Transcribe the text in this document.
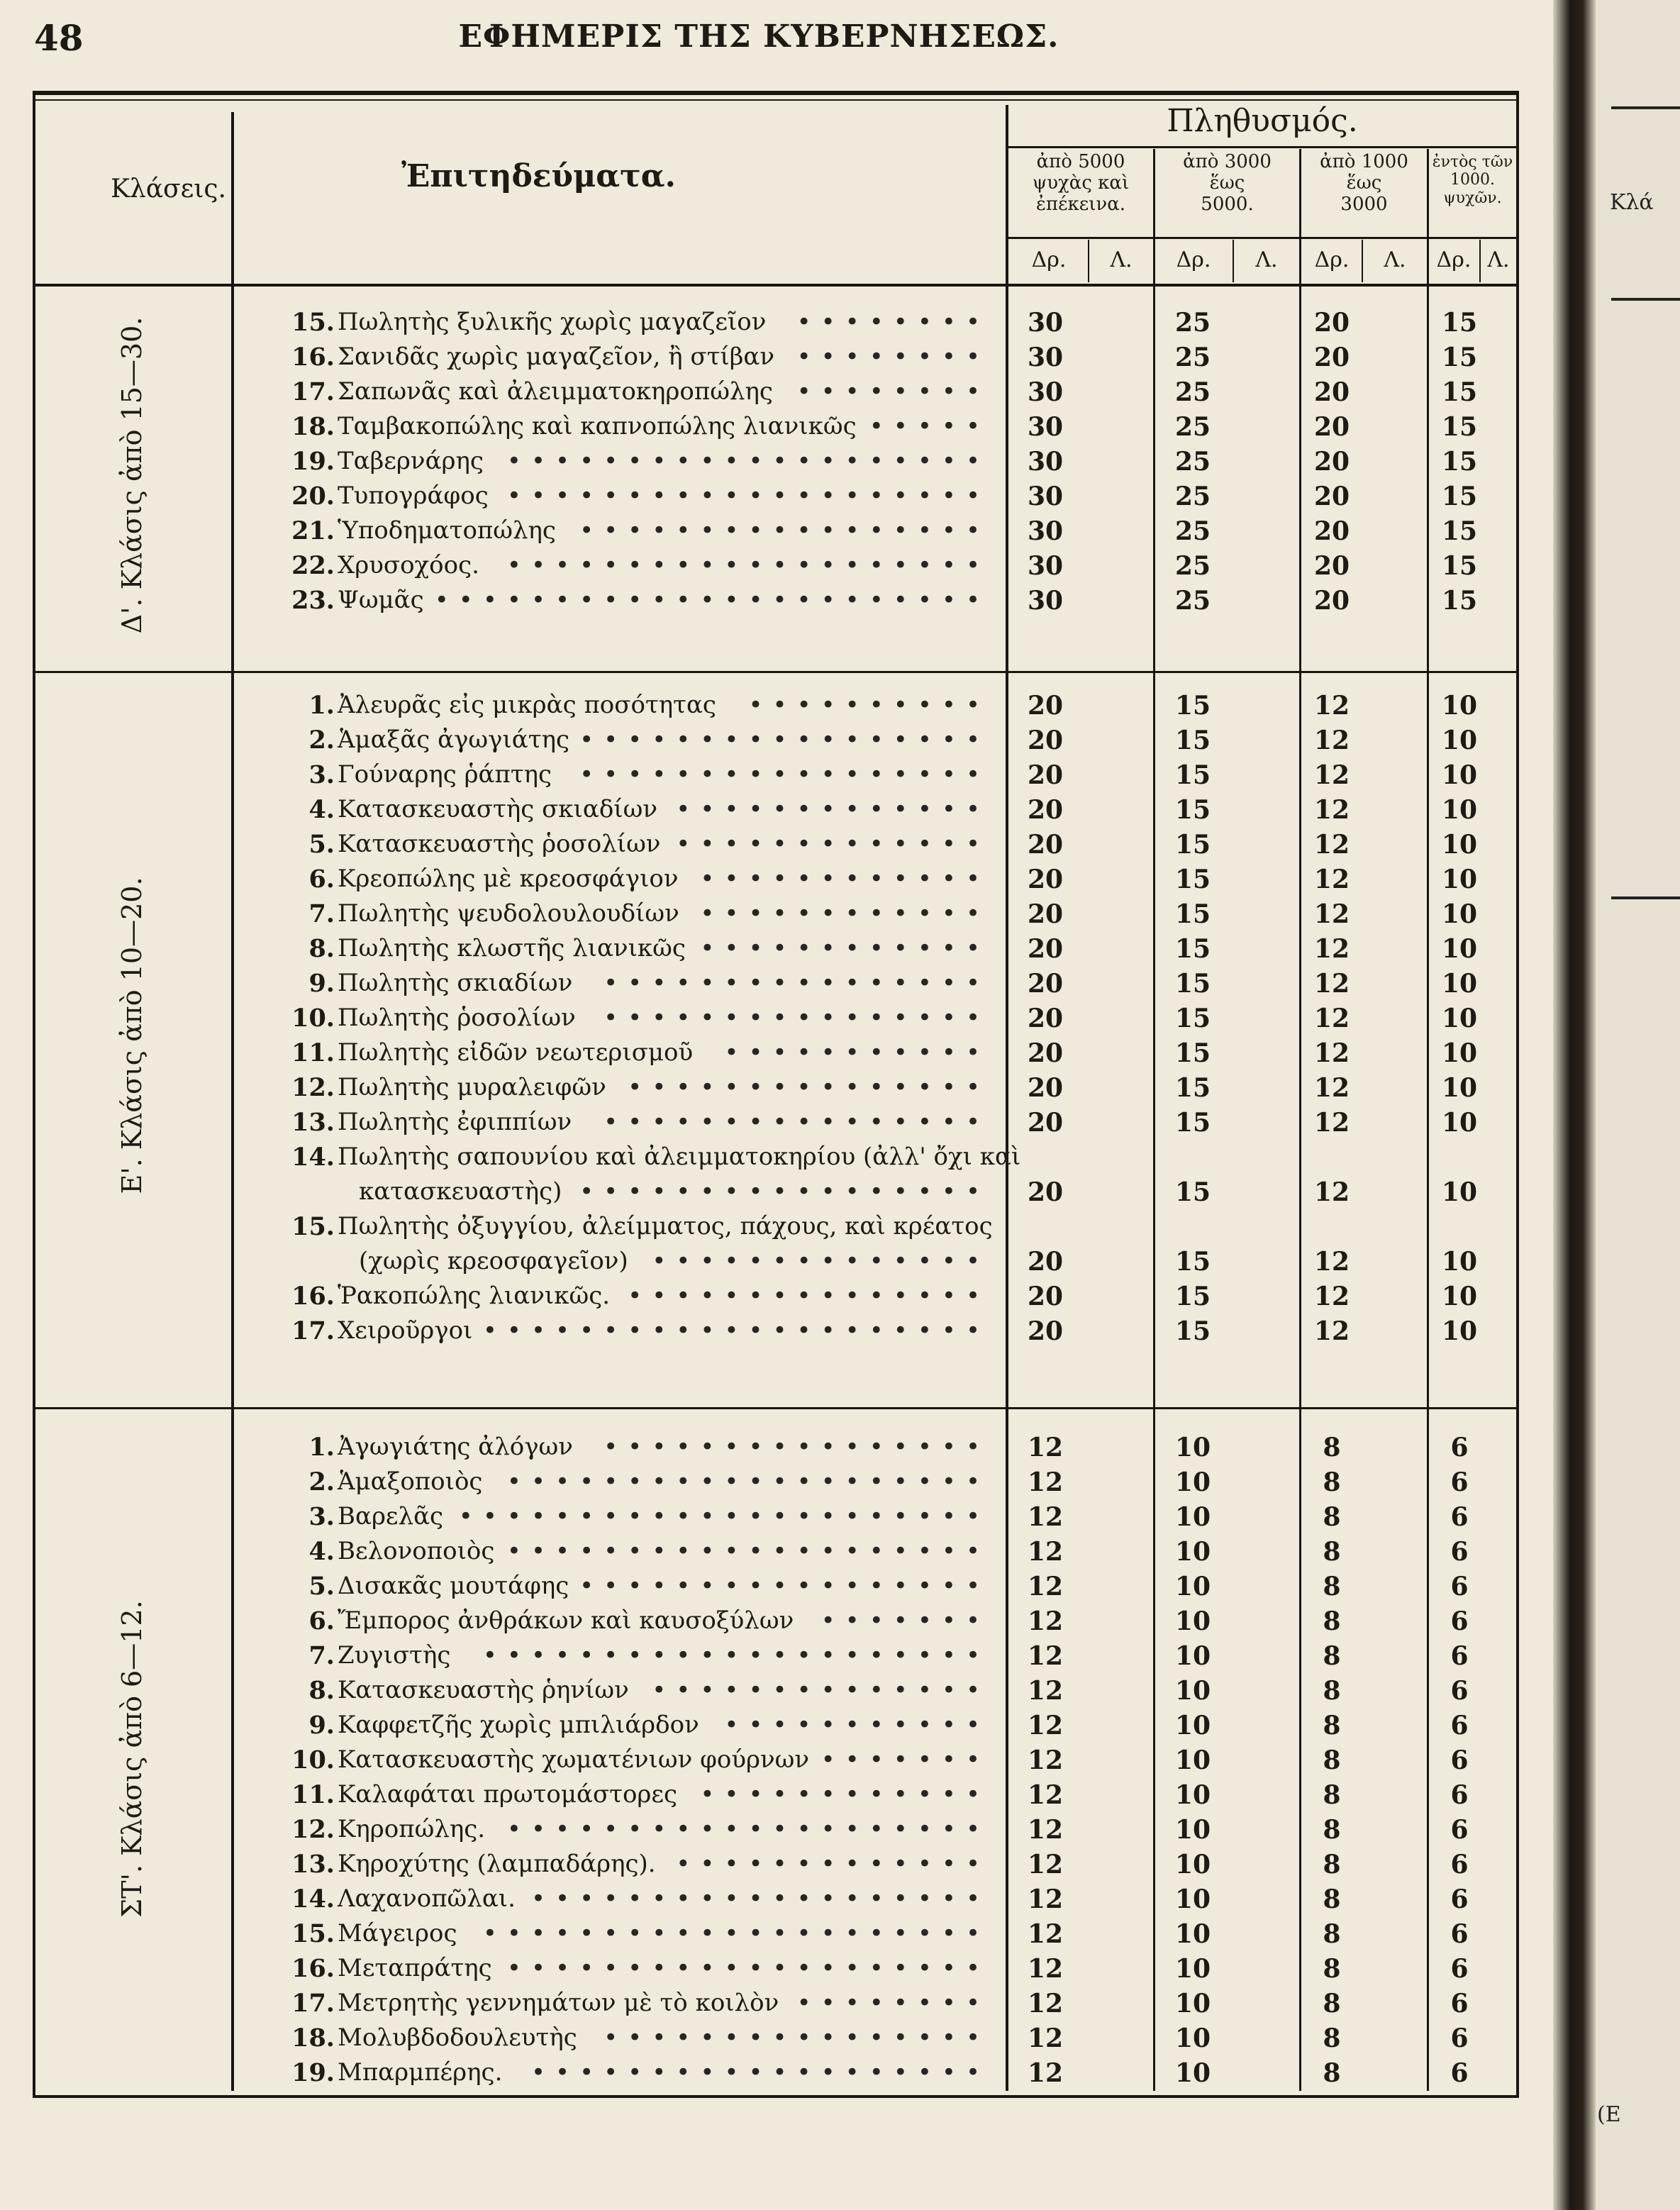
48	ΕΦΗΜΕΡΙΣ ΤΗΣ ΚΥΒΕΡΝΗΣΕΩΣ.
Κλάσεις.	Ἐπιτηδεύματα.
Πληθυσμός.
ἀπὸ 5000
ψυχὰς καὶ
ἐπέκεινα.
ἀπὸ 3000
ἕως
5000.
ἀπὸ 1000
ἕως
3000
ἐντὸς τῶν
1000.
ψυχῶν.
Δρ.	Λ.	Δρ.	Λ.	Δρ.	Λ.	Δρ. Λ.
Δ'. Κλάσις ἀπὸ 15—30.
Ε'. Κλάσις ἀπὸ 10—20.
ΣΤ'. Κλάσις ἀπὸ 6—12.
15. Πωλητὴς ξυλικῆς χωρὶς μαγαζεῖον	••••••••	30	25	20	15
16. Σανιδᾶς χωρὶς μαγαζεῖον, ἢ στίβαν ••••••••	30	25	20	15
17. Σαπωνᾶς καὶ ἀλειμματοκηροπώλης ••••••••	30	25	20	15
18. Ταμβακοπώλης καὶ καπνοπώλης λιανικῶς •••••	30	25	20	15
19. Ταβερνάρης ••••••••••••••••••••	30	25	20	15
20. Τυπογράφος ••••••••••••••••••••	30	25	20	15
21. Ὑποδηματοπώλης •••••••••••••••••	30	25	20	15
22. Χρυσοχόος.	••••••••••••••••••••	30	25	20	15
23. Ψωμᾶς •••••••••••••••••••••••	30	25	20	15
1. Ἀλευρᾶς εἰς μικρὰς ποσότητας	••••••••••	20	15	12	10
2. Ἁμαξᾶς ἀγωγιάτης •••••••••••••••••	20	15	12	10
3. Γούναρης ῥάπτης	•••••••••••••••••	20	15	12	10
4. Κατασκευαστὴς σκιαδίων •••••••••••••	20	15	12	10
5. Κατασκευαστὴς ῥοσολίων •••••••••••••	20	15	12	10
6. Κρεοπώλης μὲ κρεοσφάγιον ••••••••••••	20	15	12	10
7. Πωλητὴς ψευδολουλουδίων ••••••••••••	20	15	12	10
8. Πωλητὴς κλωστῆς λιανικῶς ••••••••••••	20	15	12	10
9. Πωλητὴς σκιαδίων	••••••••••••••••	20	15	12	10
10. Πωλητὴς ῥοσολίων	••••••••••••••••	20	15	12	10
11. Πωλητὴς εἰδῶν νεωτερισμοῦ	•••••••••••	20	15	12	10
12. Πωλητὴς μυραλειφῶν •••••••••••••••	20	15	12	10
13. Πωλητὴς ἐφιππίων	••••••••••••••••	20	15	12	10
14. Πωλητὴς σαπουνίου καὶ ἀλειμματοκηρίου (ἀλλ' ὄχι καὶ
κατασκευαστὴς) •••••••••••••••••	20	15	12	10
15. Πωλητὴς ὀξυγγίου, ἀλείμματος, πάχους, καὶ κρέατος
(χωρὶς κρεοσφαγεῖον) ••••••••••••••	20	15	12	10
16. Ῥακοπώλης λιανικῶς. •••••••••••••••	20	15	12	10
17. Χειροῦργοι •••••••••••••••••••••	20	15	12	10
1. Ἀγωγιάτης ἀλόγων	••••••••••••••••	12	10	8	6
2. Ἁμαξοποιὸς	••••••••••••••••••••	12	10	8	6
3. Βαρελᾶς ••••••••••••••••••••••	12	10	8	6
4. Βελονοποιὸς ••••••••••••••••••••	12	10	8	6
5. Δισακᾶς μουτάφης •••••••••••••••••	12	10	8	6
6. Ἔμπορος ἀνθράκων καὶ καυσοξύλων	•••••••	12	10	8	6
7. Ζυγιστὴς	•••••••••••••••••••••	12	10	8	6
8. Κατασκευαστὴς ῥηνίων ••••••••••••••	12	10	8	6
9. Καφφετζῆς χωρὶς μπιλιάρδον	•••••••••••	12	10	8	6
10. Κατασκευαστὴς χωματένιων φούρνων •••••••	12	10	8	6
11. Καλαφάται πρωτομάστορες ••••••••••••	12	10	8	6
12. Κηροπώλης. ••••••••••••••••••••	12	10	8	6
13. Κηροχύτης (λαμπαδάρης). •••••••••••••	12	10	8	6
14. Λαχανοπῶλαι. •••••••••••••••••••	12	10	8	6
15. Μάγειρος	•••••••••••••••••••••	12	10	8	6
16. Μεταπράτης ••••••••••••••••••••	12	10	8	6
17. Μετρητὴς γεννημάτων μὲ τὸ κοιλὸν ••••••••	12	10	8	6
18. Μολυβδοδουλευτὴς	••••••••••••••••	12	10	8	6
19. Μπαρμπέρης.	•••••••••••••••••••	12	10	8	6
Κλά
(Ε
